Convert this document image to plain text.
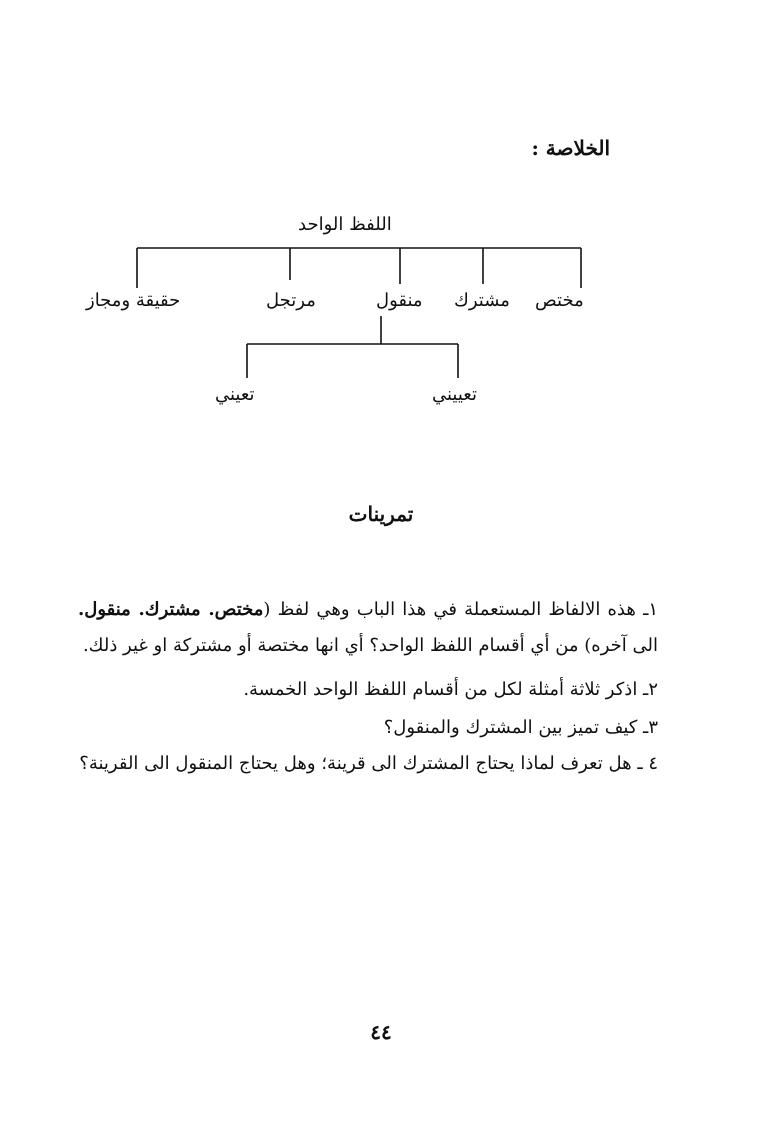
الخلاصة :
اللفظ الواحد
مختص
مشترك
منقول
مرتجل
حقيقة ومجاز
تعييني
تعيني
تمرينات

١ـ هذه الالفاظ المستعملة في هذا الباب وهي لفظ (مختص. مشترك. منقول. الى آخره) من أي أقسام اللفظ الواحد؟ أي انها مختصة أو مشتركة او غير ذلك.

٢ـ اذكر ثلاثة أمثلة لكل من أقسام اللفظ الواحد الخمسة.

٣ـ كيف تميز بين المشترك والمنقول؟

٤ ـ هل تعرف لماذا يحتاج المشترك الى قرينة؛ وهل يحتاج المنقول الى القرينة؟

٤٤
